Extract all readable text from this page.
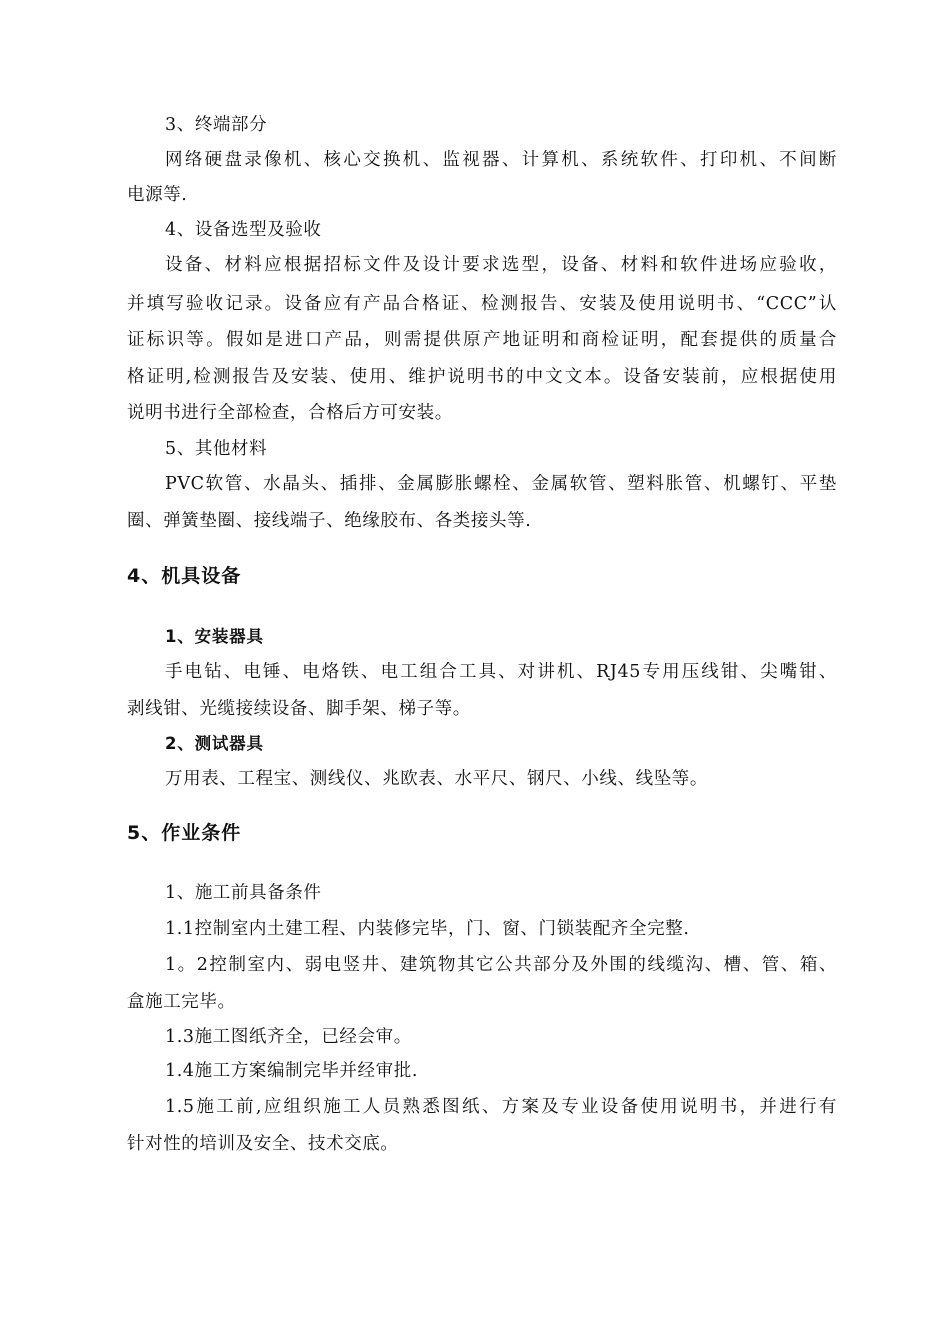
3、终端部分
网络硬盘录像机、核心交换机、监视器、计算机、系统软件、打印机、不间断
电源等.
4、设备选型及验收
设备、材料应根据招标文件及设计要求选型，设备、材料和软件进场应验收，
并填写验收记录。设备应有产品合格证、检测报告、安装及使用说明书、“CCC”认
证标识等。假如是进口产品，则需提供原产地证明和商检证明，配套提供的质量合
格证明,检测报告及安装、使用、维护说明书的中文文本。设备安装前，应根据使用
说明书进行全部检查，合格后方可安装。
5、其他材料
PVC软管、水晶头、插排、金属膨胀螺栓、金属软管、塑料胀管、机螺钉、平垫
圈、弹簧垫圈、接线端子、绝缘胶布、各类接头等.
4、机具设备
1、安装器具
手电钻、电锤、电烙铁、电工组合工具、对讲机、RJ45专用压线钳、尖嘴钳、
剥线钳、光缆接续设备、脚手架、梯子等。
2、测试器具
万用表、工程宝、测线仪、兆欧表、水平尺、钢尺、小线、线坠等。
5、作业条件
1、施工前具备条件
1.1控制室内土建工程、内装修完毕，门、窗、门锁装配齐全完整.
1。2控制室内、弱电竖井、建筑物其它公共部分及外围的线缆沟、槽、管、箱、
盒施工完毕。
1.3施工图纸齐全，已经会审。
1.4施工方案编制完毕并经审批.
1.5施工前,应组织施工人员熟悉图纸、方案及专业设备使用说明书，并进行有
针对性的培训及安全、技术交底。
